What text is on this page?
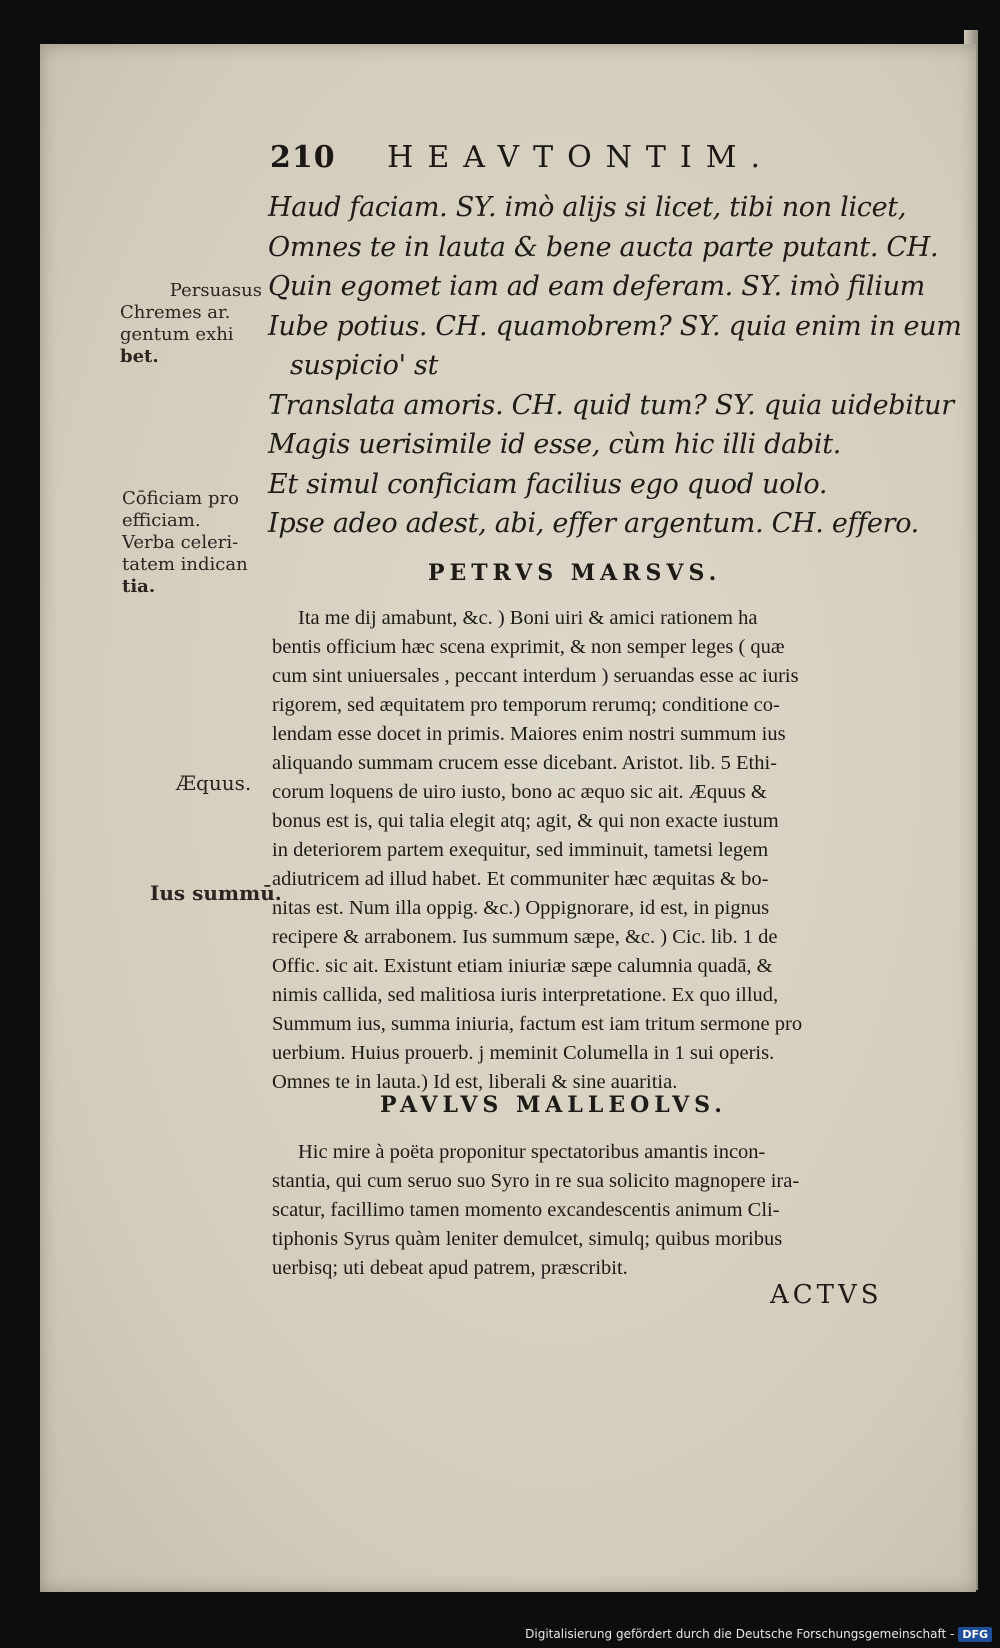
210 HEAVTONTIM.
Haud faciam. SY. imò alijs si licet, tibi non licet,
Omnes te in lauta & bene aucta parte putant. CH.
Quin egomet iam ad eam deferam. SY. imò filium
Iube potius. CH. quamobrem? SY. quia enim in eum
suspicio' st
Translata amoris. CH. quid tum? SY. quia uidebitur
Magis uerisimile id esse, cùm hic illi dabit.
Et simul conficiam facilius ego quod uolo.
Ipse adeo adest, abi, effer argentum. CH. effero.
Persuasus
Chremes ar.
gentum exhi
bet.
Cōficiam pro
efficiam.
Verba celeri-
tatem indican
tia.
Æquus.
Ius summū.
PETRVS MARSVS.
Ita me dij amabunt, &c. ) Boni uiri & amici rationem ha
bentis officium hæc scena exprimit, & non semper leges ( quæ
cum sint uniuersales , peccant interdum ) seruandas esse ac iuris
rigorem, sed æquitatem pro temporum rerumq; conditione co-
lendam esse docet in primis. Maiores enim nostri summum ius
aliquando summam crucem esse dicebant. Aristot. lib. 5 Ethi-
corum loquens de uiro iusto, bono ac æquo sic ait. Æquus &
bonus est is, qui talia elegit atq; agit, & qui non exacte iustum
in deteriorem partem exequitur, sed imminuit, tametsi legem
adiutricem ad illud habet. Et communiter hæc æquitas & bo-
nitas est. Num illa oppig. &c.) Oppignorare, id est, in pignus
recipere & arrabonem. Ius summum sæpe, &c. ) Cic. lib. 1 de
Offic. sic ait. Existunt etiam iniuriæ sæpe calumnia quadā, &
nimis callida, sed malitiosa iuris interpretatione. Ex quo illud,
Summum ius, summa iniuria, factum est iam tritum sermone pro
uerbium. Huius prouerb. j meminit Columella in 1 sui operis.
Omnes te in lauta.) Id est, liberali & sine auaritia.
PAVLVS MALLEOLVS.
Hic mire à poëta proponitur spectatoribus amantis incon-
stantia, qui cum seruo suo Syro in re sua solicito magnopere ira-
scatur, facillimo tamen momento excandescentis animum Cli-
tiphonis Syrus quàm leniter demulcet, simulq; quibus moribus
uerbisq; uti debeat apud patrem, præscribit.
ACTVS
Digitalisierung gefördert durch die Deutsche Forschungsgemeinschaft - DFG
